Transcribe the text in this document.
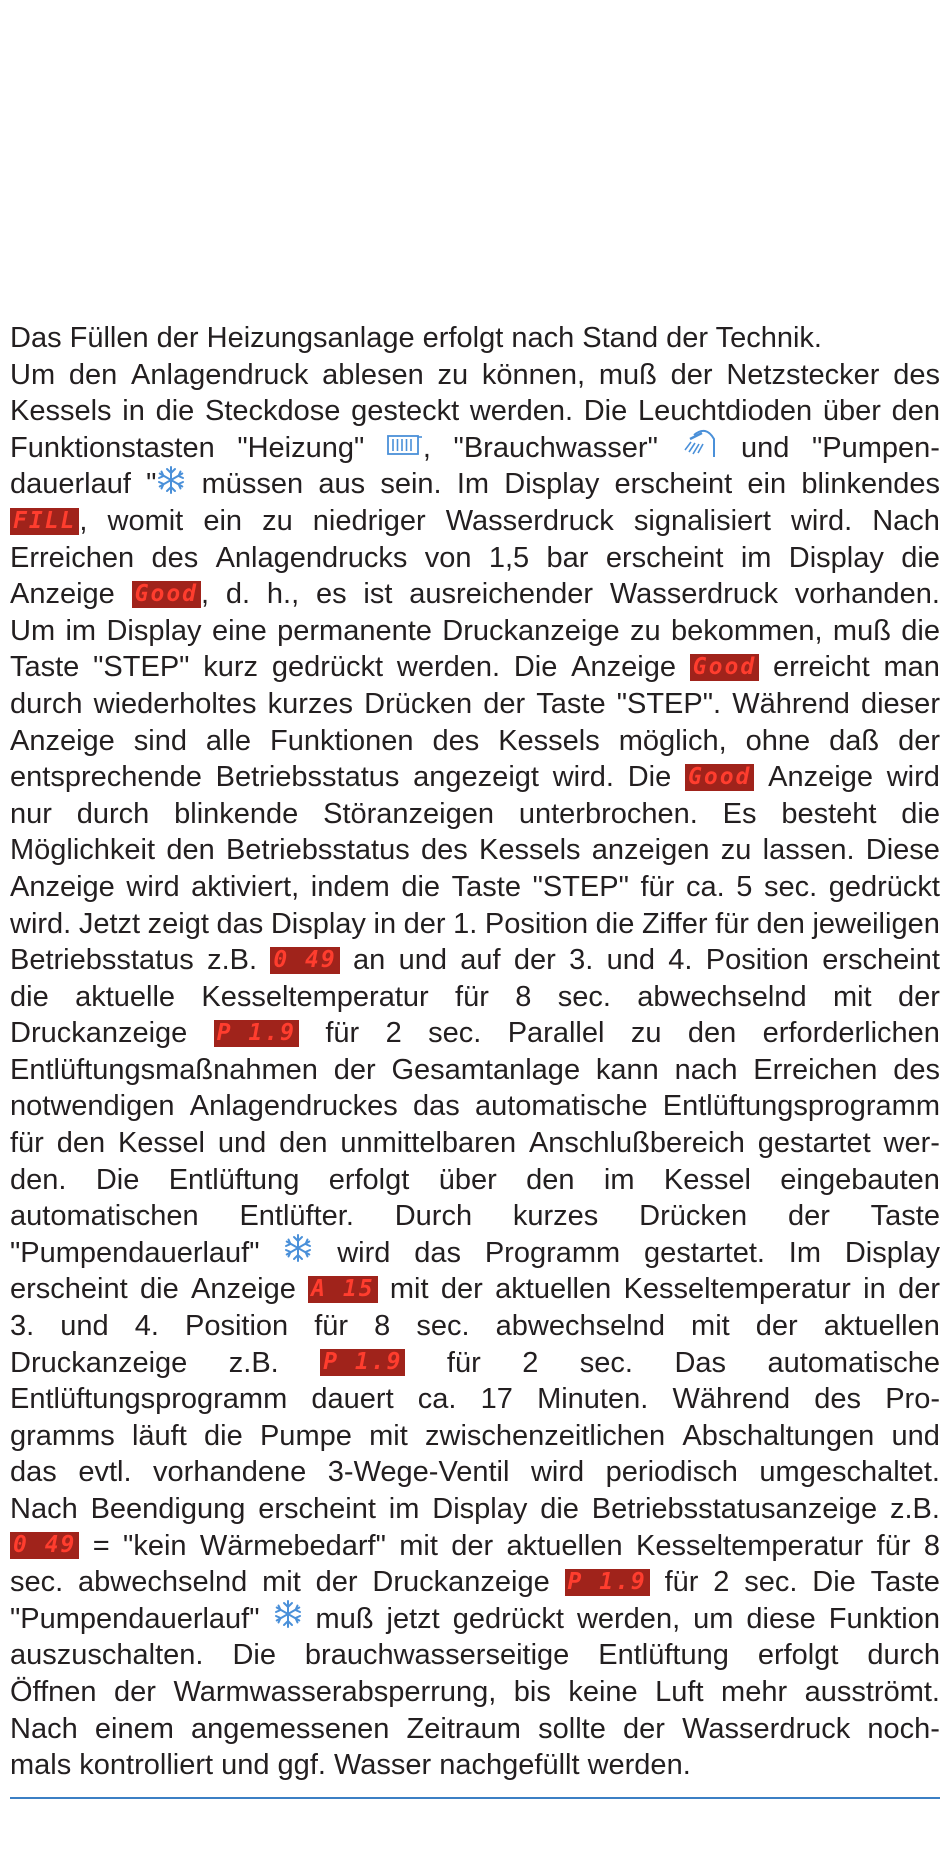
Das Füllen der Heizungsanlage erfolgt nach Stand der Technik.
Um den Anlagendruck ablesen zu können, muß der Netzstecker des
Kessels in die Steckdose gesteckt werden. Die Leuchtdioden über den
Funktionstasten "Heizung" , "Brauchwasser"	und "Pumpen-
dauerlauf " müssen aus sein. Im Display erscheint ein blinkendes
FILL , womit ein zu niedriger Wasserdruck signalisiert wird. Nach
Erreichen des Anlagendrucks von 1,5 bar erscheint im Display die
Anzeige Good , d. h., es ist ausreichender Wasserdruck vorhanden.
Um im Display eine permanente Druckanzeige zu bekommen, muß die
Taste "STEP" kurz gedrückt werden. Die Anzeige Good erreicht man
durch wiederholtes kurzes Drücken der Taste "STEP". Während dieser
Anzeige sind alle Funktionen des Kessels möglich, ohne daß der
entsprechende Betriebsstatus angezeigt wird. Die Good Anzeige wird
nur durch blinkende Störanzeigen unterbrochen. Es besteht die
Möglichkeit den Betriebsstatus des Kessels anzeigen zu lassen. Diese
Anzeige wird aktiviert, indem die Taste "STEP" für ca. 5 sec. gedrückt
wird. Jetzt zeigt das Display in der 1. Position die Ziffer für den jeweiligen
Betriebsstatus z.B. 0 49 an und auf der 3. und 4. Position erscheint
die aktuelle Kesseltemperatur für 8 sec. abwechselnd mit der
Druckanzeige P 1.9 für 2 sec. Parallel zu den erforderlichen
Entlüftungsmaßnahmen der Gesamtanlage kann nach Erreichen des
notwendigen Anlagendruckes das automatische Entlüftungsprogramm
für den Kessel und den unmittelbaren Anschlußbereich gestartet wer-
den. Die Entlüftung erfolgt über den im Kessel eingebauten
automatischen Entlüfter. Durch kurzes Drücken der Taste
"Pumpendauerlauf"	wird das Programm gestartet. Im Display
erscheint die Anzeige A 15 mit der aktuellen Kesseltemperatur in der
3. und 4. Position für 8 sec. abwechselnd mit der aktuellen
Druckanzeige z.B. P 1.9 für 2 sec. Das automatische
Entlüftungsprogramm dauert ca. 17 Minuten. Während des Pro-
gramms läuft die Pumpe mit zwischenzeitlichen Abschaltungen und
das evtl. vorhandene 3-Wege-Ventil wird periodisch umgeschaltet.
Nach Beendigung erscheint im Display die Betriebsstatusanzeige z.B.
0 49 = "kein Wärmebedarf" mit der aktuellen Kesseltemperatur für 8
sec. abwechselnd mit der Druckanzeige P 1.9 für 2 sec. Die Taste
"Pumpendauerlauf" muß jetzt gedrückt werden, um diese Funktion
auszuschalten. Die brauchwasserseitige Entlüftung erfolgt durch
Öffnen der Warmwasserabsperrung, bis keine Luft mehr ausströmt.
Nach einem angemessenen Zeitraum sollte der Wasserdruck noch-
mals kontrolliert und ggf. Wasser nachgefüllt werden.
